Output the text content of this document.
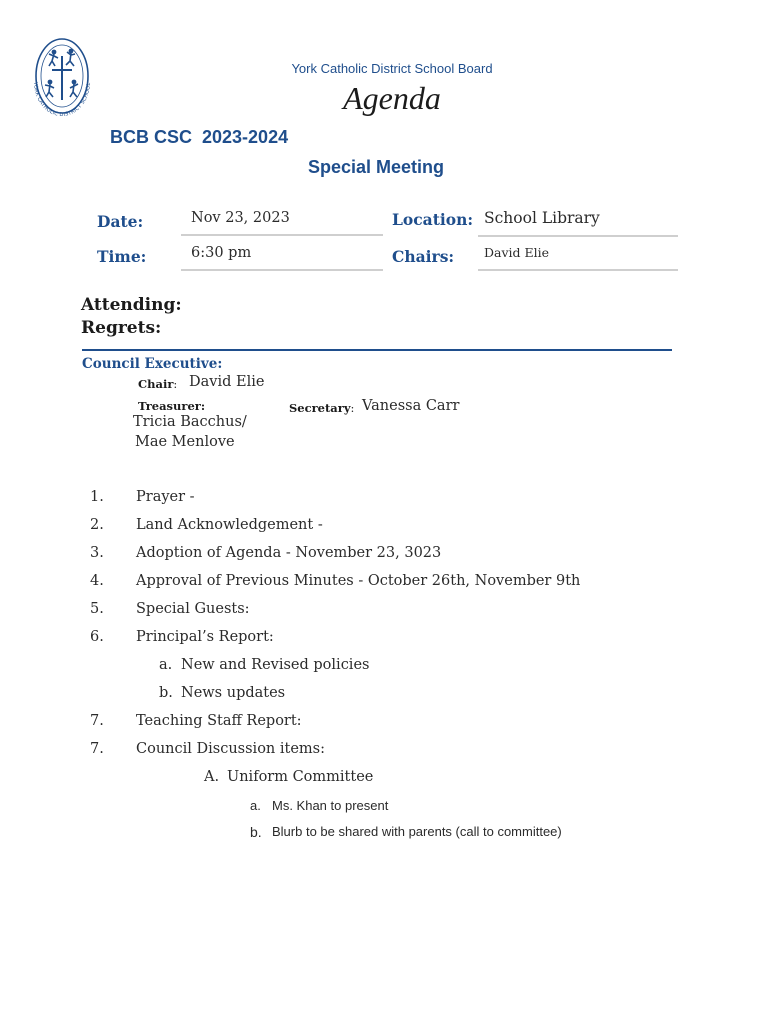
YORK CATHOLIC DISTRICT SCHOOL
York Catholic District School Board
Agenda
BCB CSC  2023-2024
Special Meeting
Date:	Nov 23, 2023	Location: School Library
Time:	6:30 pm	Chairs:	David Elie
Attending:
Regrets:
Council Executive:
Chair: David Elie
Treasurer:
Tricia Bacchus/
Mae Menlove
Secretary: Vanessa Carr
1.	Prayer -
2.	Land Acknowledgement -
3.	Adoption of Agenda - November 23, 3023
4.	Approval of Previous Minutes - October 26th, November 9th
5.	Special Guests:
6.	Principal’s Report:
a. New and Revised policies
b. News updates
7.	Teaching Staff Report:
7.	Council Discussion items:
A. Uniform Committee
a. Ms. Khan to present
b. Blurb to be shared with parents (call to committee)
